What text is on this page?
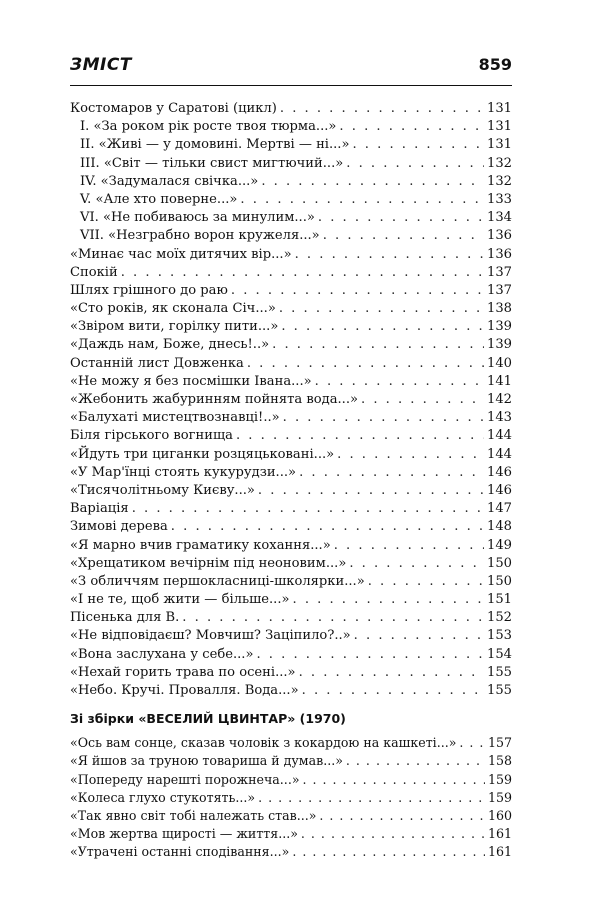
ЗМІСТ	859
Костомаров у Саратові (цикл) . . .	131
I. «За роком рік росте твоя тюрма...» . . .	131
II. «Живі — у домовині. Мертві — ні...» . . .	131
III. «Світ — тільки свист мигтючий...» . . .	132
IV. «Задумалася свічка...» . . .	132
V. «Але хто поверне...» . . .	133
VI. «Не побиваюсь за минулим...» . . .	134
VII. «Незграбно ворон кружеля...» . . .	136
«Минає час моїх дитячих вір...» . . .	136
Спокій . . .	137
Шлях грішного до раю . . .	137
«Сто років, як сконала Січ...» . . .	138
«Звіром вити, горілку пити...» . . .	139
«Даждь нам, Боже, днесь!..» . . .	139
Останній лист Довженка . . .	140
«Не можу я без посмішки Івана...» . . .	141
«Жебонить жабуринням пойнята вода...» . . .	142
«Балухаті мистецтвознавці!..» . . .	143
Біля гірського вогнища . . .	144
«Йдуть три циганки розцяцьковані...» . . .	144
«У Мар'їнці стоять кукурудзи...» . . .	146
«Тисячолітньому Києву...» . . .	146
Варіація . . .	147
Зимові дерева . . .	148
«Я марно вчив граматику кохання...» . . .	149
«Хрещатиком вечірнім під неоновим...» . . .	150
«З обличчям першокласниці-школярки...» . . .	150
«І не те, щоб жити — більше...» . . .	151
Пісенька для В. . . .	152
«Не відповідаєш? Мовчиш? Заціпило?..» . . .	153
«Вона заслухана у себе...» . . .	154
«Нехай горить трава по осені...» . . .	155
«Небо. Кручі. Провалля. Вода...» . . .	155
Зі збірки «ВЕСЕЛИЙ ЦВИНТАР» (1970)
«Ось вам сонце, сказав чоловік з кокардою на кашкеті...» . . .	157
«Я йшов за труною товариша й думав...» . . .	158
«Попереду нарешті порожнеча...» . . .	159
«Колеса глухо стукотять...» . . .	159
«Так явно світ тобі належать став...» . . .	160
«Мов жертва щирості — життя...» . . .	161
«Утрачені останні сподівання...» . . .	161
